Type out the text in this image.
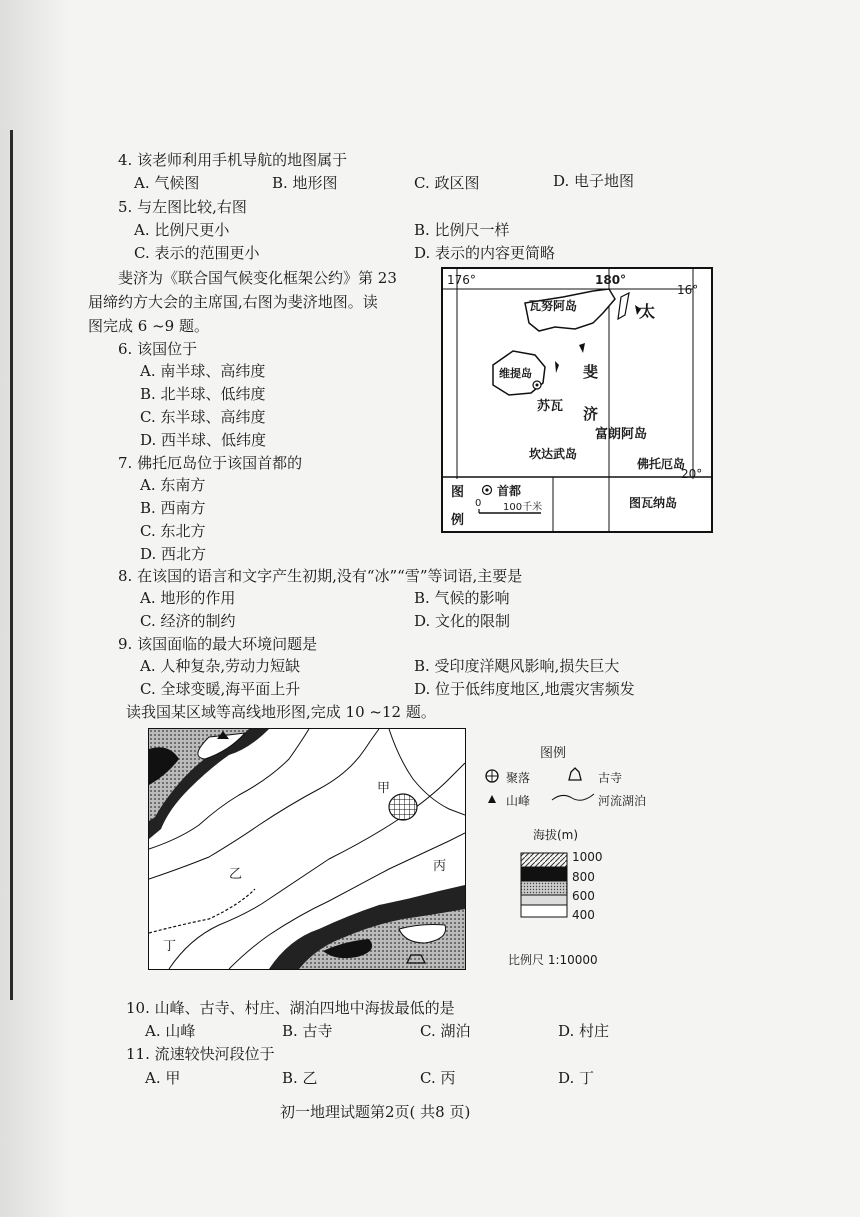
4. 该老师利用手机导航的地图属于
A. 气候图	B. 地形图	C. 政区图	D. 电子地图
5. 与左图比较,右图
A. 比例尺更小	B. 比例尺一样
C. 表示的范围更小	D. 表示的内容更简略
斐济为《联合国气候变化框架公约》第 23
届缔约方大会的主席国,右图为斐济地图。读
图完成 6 ~9 题。
6. 该国位于
A. 南半球、高纬度
B. 北半球、低纬度
C. 东半球、高纬度
D. 西半球、低纬度
7. 佛托厄岛位于该国首都的
A. 东南方
B. 西南方
C. 东北方
D. 西北方
176°	180°
16°
20°
瓦努阿岛	太
维提岛	斐
苏瓦 济
富朗阿岛
坎达武岛
佛托厄岛
图瓦纳岛
图
例
首都
0 100千米
8. 在该国的语言和文字产生初期,没有“冰”“雪”等词语,主要是
A. 地形的作用	B. 气候的影响
C. 经济的制约	D. 文化的限制
9. 该国面临的最大环境问题是
A. 人种复杂,劳动力短缺	B. 受印度洋飓风影响,损失巨大
C. 全球变暖,海平面上升	D. 位于低纬度地区,地震灾害频发
读我国某区域等高线地形图,完成 10 ~12 题。
甲
乙
丙
丁
图例
聚落	古寺
山峰	河流湖泊
海拔(m)
1000
800
600
400
比例尺 1:10000
10. 山峰、古寺、村庄、湖泊四地中海拔最低的是
A. 山峰	B. 古寺	C. 湖泊	D. 村庄
11. 流速较快河段位于
A. 甲	B. 乙	C. 丙	D. 丁
初一地理试题第2页( 共8 页)
